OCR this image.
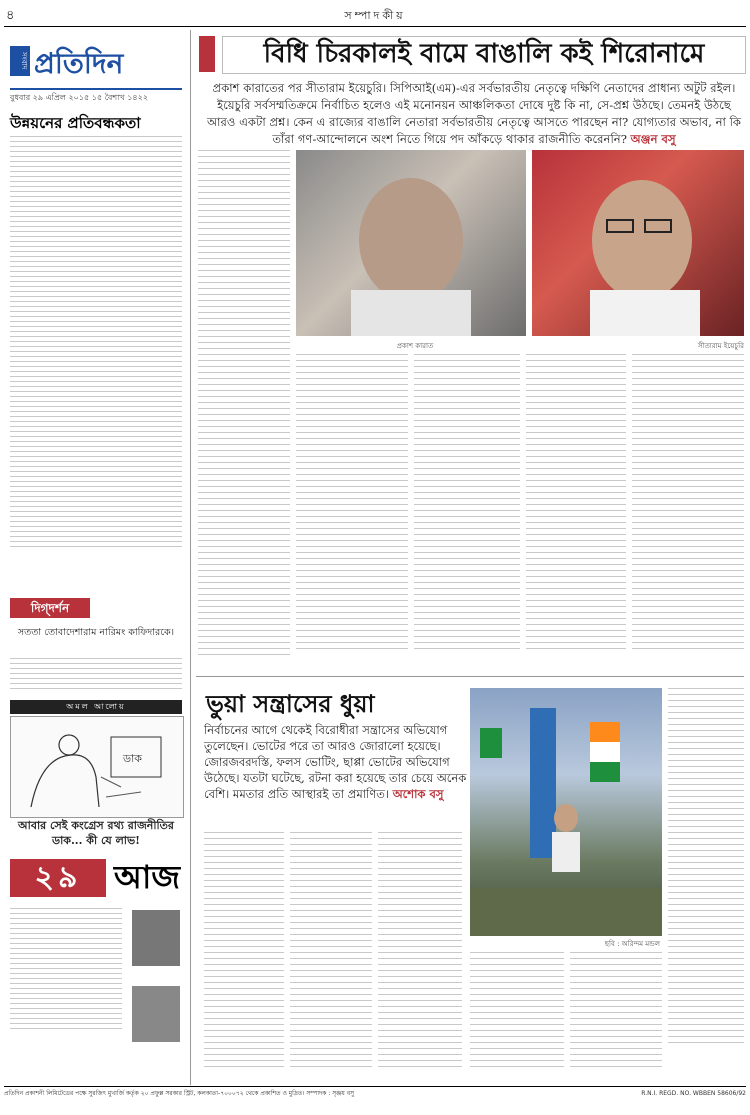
৪	সম্পাদকীয়
সংবাদ প্রতিদিন
বুধবার ২৯ এপ্রিল ২০১৫ ১৫ বৈশাখ ১৪২২
উন্নয়নের প্রতিবন্ধকতা
দিগ্‌দর্শন
সততা তোবাদেশারাম নারিমং কাফিদারকে।
অমল আলোয়
ডাক
আবার সেই কংগ্রেস রথ্য রাজনীতির ডাক... কী যে লাভ!
২৯	আজ
বিধি চিরকালই বামে বাঙালি কই শিরোনামে
প্রকাশ কারাতের পর সীতারাম ইয়েচুরি। সিপিআই(এম)-এর সর্বভারতীয় নেতৃত্বে দক্ষিণি নেতাদের প্রাধান্য অটুট রইল। ইয়েচুরি সর্বসম্মতিক্রমে নির্বাচিত হলেও এই মনোনয়ন আঞ্চলিকতা দোষে দুষ্ট কি না, সে-প্রশ্ন উঠছে। তেমনই উঠছে আরও একটা প্রশ্ন। কেন এ রাজ্যের বাঙালি নেতারা সর্বভারতীয় নেতৃত্বে আসতে পারছেন না? যোগ্যতার অভাব, না কি তাঁরা গণ-আন্দোলনে অংশ নিতে গিয়ে পদ আঁকড়ে থাকার রাজনীতি করেননি? অঞ্জন বসু
প্রকাশ কারাত	সীতারাম ইয়েচুরি
ভুয়া সন্ত্রাসের ধুয়া
নির্বাচনের আগে থেকেই বিরোধীরা সন্ত্রাসের অভিযোগ তুলেছেন। ভোটের পরে তা আরও জোরালো হয়েছে। জোরজবরদস্তি, ফলস ভোটিং, ছাপ্পা ভোটের অভিযোগ উঠেছে। যতটা ঘটেছে, রটনা করা হয়েছে তার চেয়ে অনেক বেশি। মমতার প্রতি আস্থারই তা প্রমাণিত। অশোক বসু
ছবি : অরিন্দম মন্ডল
প্রতিদিন প্রকাশনী লিমিটেডের পক্ষে সুরজিৎ মুখার্জি কর্তৃক ২০ প্রফুল্ল সরকার স্ট্রিট, কলকাতা-৭০০০৭২ থেকে প্রকাশিত ও মুদ্রিত। সম্পাদক : সৃঞ্জয় বসু	R.N.I. REGD. NO. WBBEN 58606/92
